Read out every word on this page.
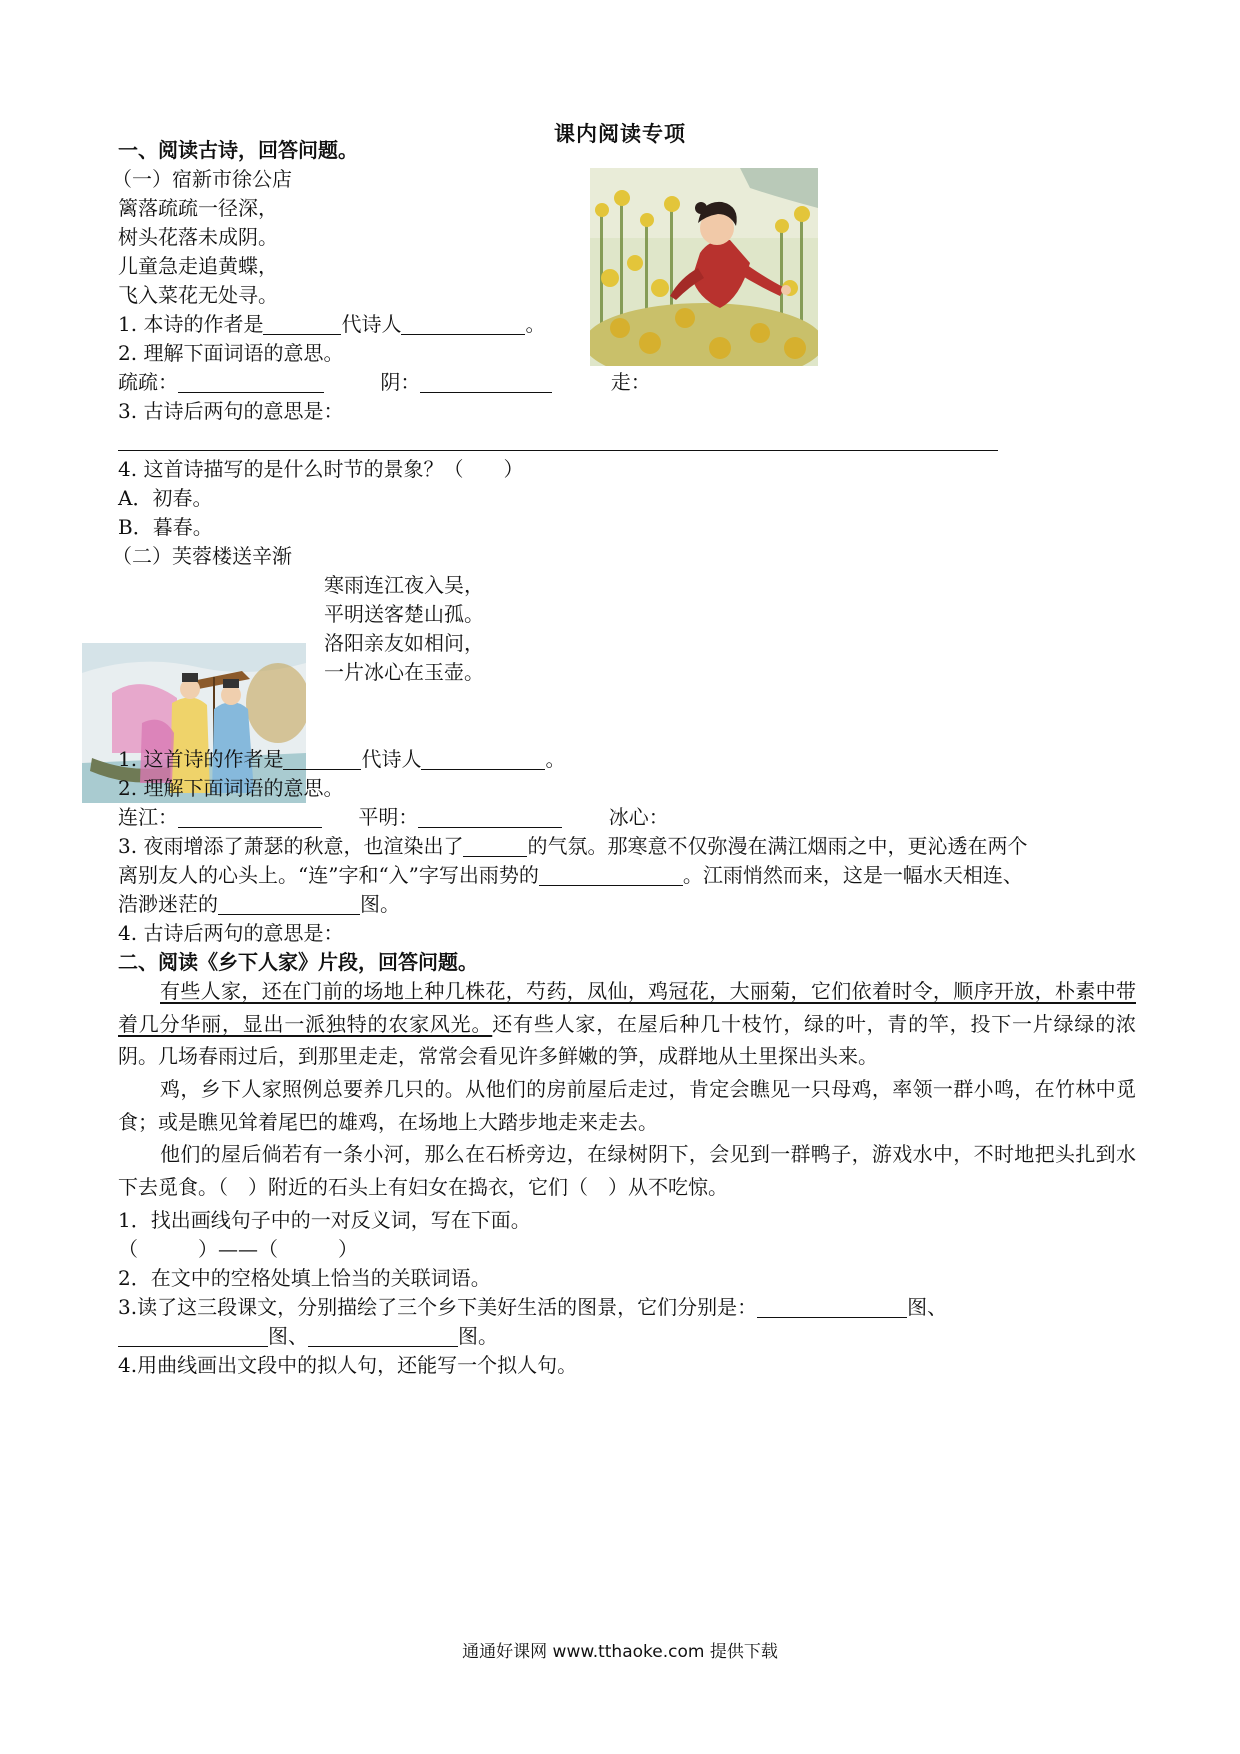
课内阅读专项
一、阅读古诗，回答问题。
（一）宿新市徐公店
篱落疏疏一径深，
树头花落未成阴。
儿童急走追黄蝶，
飞入菜花无处寻。
1. 本诗的作者是	代诗人	。
2. 理解下面词语的意思。
疏疏：	阴：	走：
3. 古诗后两句的意思是：
4. 这首诗描写的是什么时节的景象？（　　）
A．初春。
B．暮春。
（二）芙蓉楼送辛渐
寒雨连江夜入吴，
平明送客楚山孤。
洛阳亲友如相问，
一片冰心在玉壶。
1. 这首诗的作者是	代诗人	。
2. 理解下面词语的意思。
连江：	平明：	冰心：
3. 夜雨增添了萧瑟的秋意，也渲染出了	的气氛。那寒意不仅弥漫在满江烟雨之中，更沁透在两个
离别友人的心头上。“连”字和“入”字写出雨势的	。江雨悄然而来，这是一幅水天相连、
浩渺迷茫的	图。
4. 古诗后两句的意思是：
二、阅读《乡下人家》片段，回答问题。
有些人家，还在门前的场地上种几株花，芍药，凤仙，鸡冠花，大丽菊，它们依着时令，顺序开放，朴素中带着几分华丽，显出一派独特的农家风光。还有些人家，在屋后种几十枝竹，绿的叶，青的竿，投下一片绿绿的浓阴。几场春雨过后，到那里走走，常常会看见许多鲜嫩的笋，成群地从土里探出头来。
鸡，乡下人家照例总要养几只的。从他们的房前屋后走过，肯定会瞧见一只母鸡，率领一群小鸣，在竹林中觅食；或是瞧见耸着尾巴的雄鸡，在场地上大踏步地走来走去。
他们的屋后倘若有一条小河，那么在石桥旁边，在绿树阴下，会见到一群鸭子，游戏水中，不时地把头扎到水下去觅食。（　）附近的石头上有妇女在捣衣，它们（　）从不吃惊。
1．找出画线句子中的一对反义词，写在下面。
（　　　）——（　　　）
2．在文中的空格处填上恰当的关联词语。
3.读了这三段课文，分别描绘了三个乡下美好生活的图景，它们分别是：	图、
图、	图。
4.用曲线画出文段中的拟人句，还能写一个拟人句。
通通好课网 www.tthaoke.com 提供下载
